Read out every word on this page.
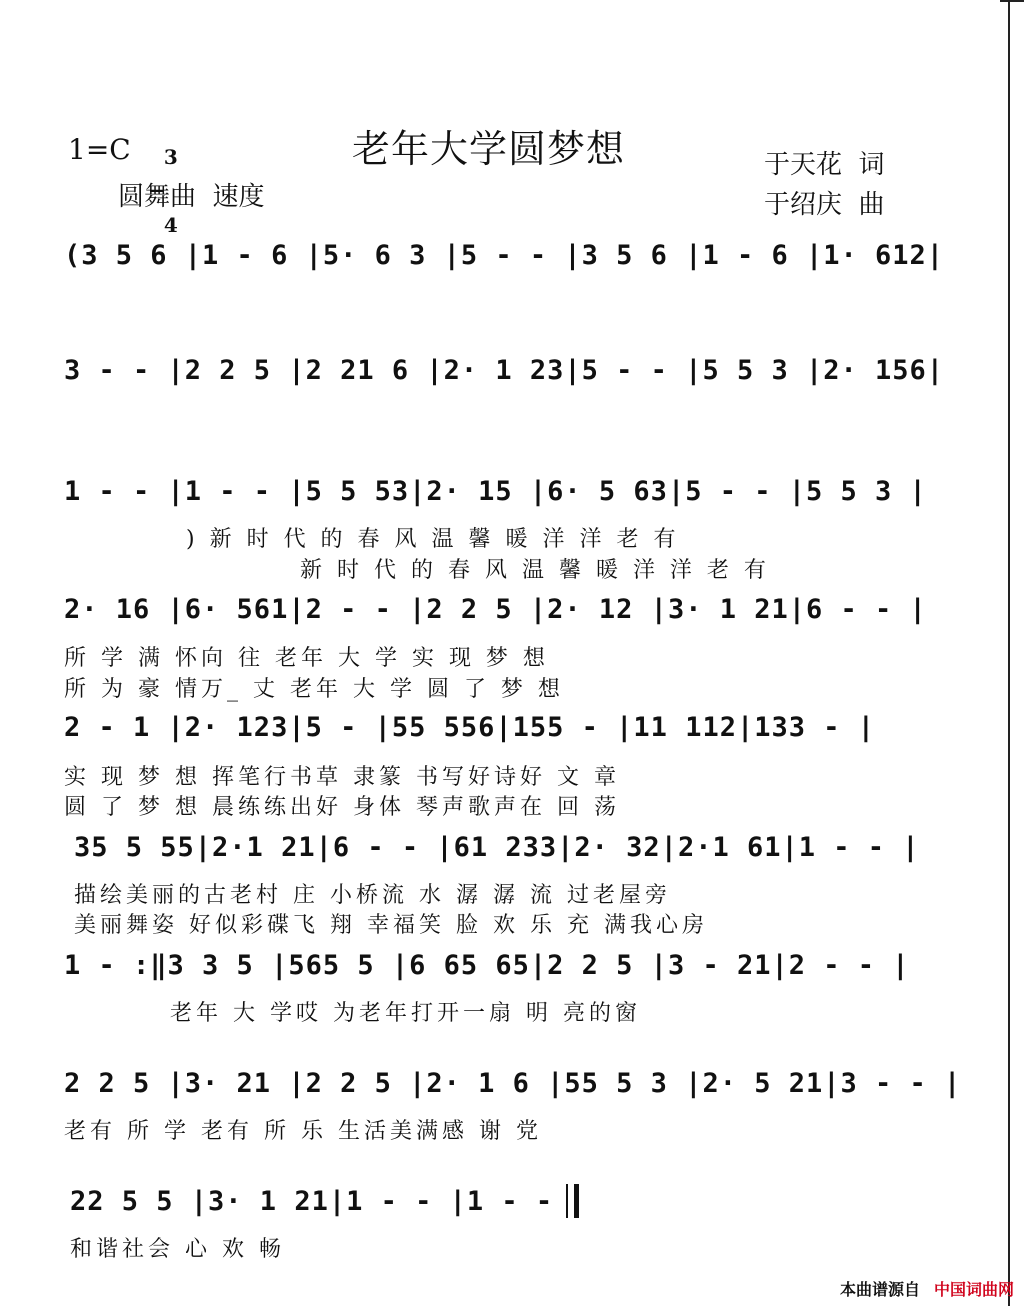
老年大学圆梦想
1=C	3

4

圆舞曲  速度
于天花  词
于绍庆  曲
(3 5 6 |1 - 6 |5· 6 3 |5 - - |3 5 6 |1 - 6 |1· 612|
3 - - |2 2 5 |2 21 6 |2· 1 23|5 - - |5 5 3 |2· 156|
1 - - |1 - - |5 5 53|2· 15 |6· 5 63|5 - - |5 5 3 |
) 新 时 代 的 春 风 温 馨 暖 洋 洋 老 有
新 时 代 的 春 风 温 馨 暖 洋 洋 老 有
2· 16 |6· 561|2 - - |2 2 5 |2· 12 |3· 1 21|6 - - |
所 学 满 怀向 往 老年 大 学 实 现 梦 想
所 为 豪 情万_ 丈 老年 大 学 圆 了 梦 想
2 - 1 |2· 123|5 - |55 556|155 - |11 112|133 - |
实 现 梦 想 挥笔行书草 隶篆 书写好诗好 文 章
圆 了 梦 想 晨练练出好 身体 琴声歌声在 回 荡
35 5 55|2·1 21|6 - - |61 233|2· 32|2·1 61|1 - - |
描绘美丽的古老村 庄 小桥流 水 潺 潺 流 过老屋旁
美丽舞姿 好似彩碟飞 翔 幸福笑 脸 欢 乐 充 满我心房
1 - :‖3 3 5 |565 5 |6 65 65|2 2 5 |3 - 21|2 - - |
老年 大 学哎 为老年打开一扇 明 亮的窗
2 2 5 |3· 21 |2 2 5 |2· 1 6 |55 5 3 |2· 5 21|3 - - |
老有 所 学 老有 所 乐 生活美满感 谢 党
22 5 5 |3· 1 21|1 - - |1 - -
和谐社会 心 欢 畅
本曲谱源自 中国词曲网
